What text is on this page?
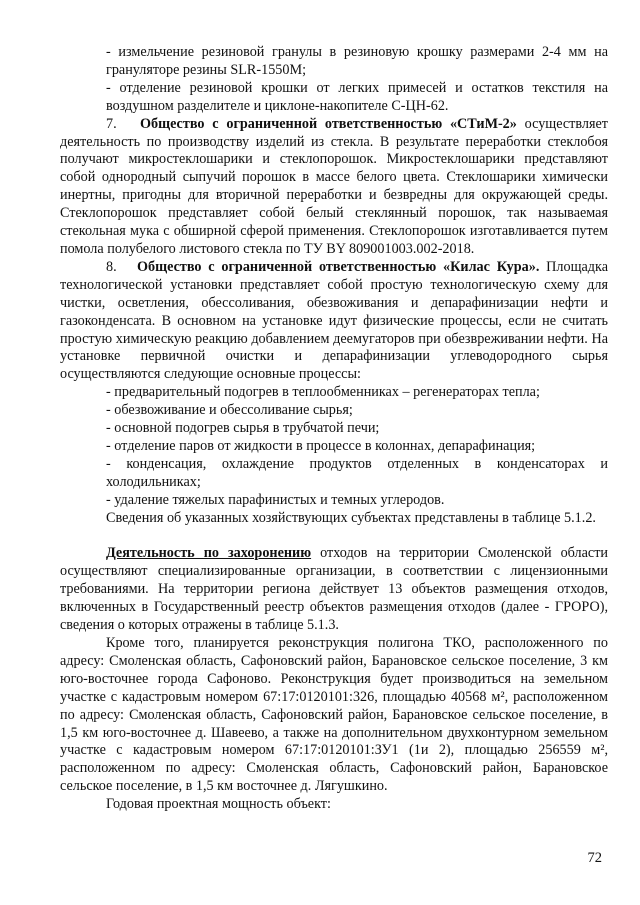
- измельчение резиновой гранулы в резиновую крошку размерами 2-4 мм на грануляторе резины SLR-1550M;

- отделение резиновой крошки от легких примесей и остатков текстиля на воздушном разделителе и циклоне-накопителе С-ЦН-62.

7. Общество с ограниченной ответственностью «СТиМ-2» осуществляет деятельность по производству изделий из стекла. В результате переработки стеклобоя получают микростеклошарики и стеклопорошок. Микростеклошарики представляют собой однородный сыпучий порошок в массе белого цвета. Стеклошарики химически инертны, пригодны для вторичной переработки и безвредны для окружающей среды. Стеклопорошок представляет собой белый стеклянный порошок, так называемая стекольная мука с обширной сферой применения. Стеклопорошок изготавливается путем помола полубелого листового стекла по ТУ BY 809001003.002-2018.

8. Общество с ограниченной ответственностью «Килас Кура». Площадка технологической установки представляет собой простую технологическую схему для чистки, осветления, обессоливания, обезвоживания и депарафинизации нефти и газоконденсата. В основном на установке идут физические процессы, если не считать простую химическую реакцию добавлением деемугаторов при обезвреживании нефти. На установке первичной очистки и депарафинизации углеводородного сырья осуществляются следующие основные процессы:

- предварительный подогрев в теплообменниках – регенераторах тепла;

- обезвоживание и обессоливание сырья;

- основной подогрев сырья в трубчатой печи;

- отделение паров от жидкости в процессе в колоннах, депарафинация;

- конденсация, охлаждение продуктов отделенных в конденсаторах и холодильниках;

- удаление тяжелых парафинистых и темных углеродов.

Сведения об указанных хозяйствующих субъектах представлены в таблице 5.1.2.

Деятельность по захоронению отходов на территории Смоленской области осуществляют специализированные организации, в соответствии с лицензионными требованиями. На территории региона действует 13 объектов размещения отходов, включенных в Государственный реестр объектов размещения отходов (далее - ГРОРО), сведения о которых отражены в таблице 5.1.3.

Кроме того, планируется реконструкция полигона ТКО, расположенного по адресу: Смоленская область, Сафоновский район, Барановское сельское поселение, 3 км юго-восточнее города Сафоново. Реконструкция будет производиться на земельном участке с кадастровым номером 67:17:0120101:326, площадью 40568 м², расположенном по адресу: Смоленская область, Сафоновский район, Барановское сельское поселение, в 1,5 км юго-восточнее д. Шавеево, а также на дополнительном двухконтурном земельном участке с кадастровым номером 67:17:0120101:ЗУ1 (1и 2), площадью 256559 м², расположенном по адресу: Смоленская область, Сафоновский район, Барановское сельское поселение, в 1,5 км восточнее д. Лягушкино.

Годовая проектная мощность объект:

72
